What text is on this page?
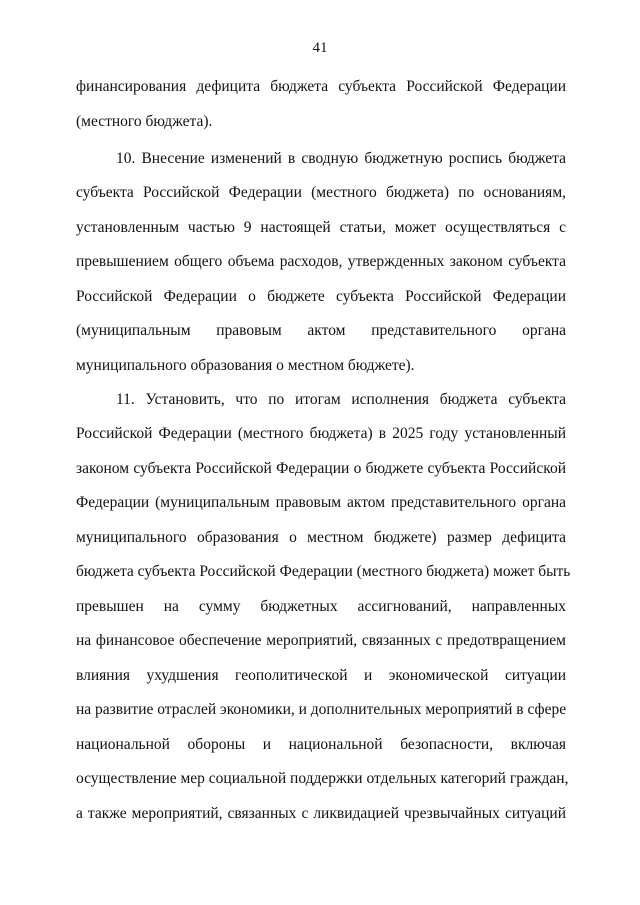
41
финансирования дефицита бюджета субъекта Российской Федерации
(местного бюджета).
10. Внесение изменений в сводную бюджетную роспись бюджета
субъекта Российской Федерации (местного бюджета) по основаниям,
установленным частью 9 настоящей статьи, может осуществляться с
превышением общего объема расходов, утвержденных законом субъекта
Российской Федерации о бюджете субъекта Российской Федерации
(муниципальным правовым актом представительного органа
муниципального образования о местном бюджете).
11. Установить, что по итогам исполнения бюджета субъекта
Российской Федерации (местного бюджета) в 2025 году установленный
законом субъекта Российской Федерации о бюджете субъекта Российской
Федерации (муниципальным правовым актом представительного органа
муниципального образования о местном бюджете) размер дефицита
бюджета субъекта Российской Федерации (местного бюджета) может быть
превышен на сумму бюджетных ассигнований, направленных
на финансовое обеспечение мероприятий, связанных с предотвращением
влияния ухудшения геополитической и экономической ситуации
на развитие отраслей экономики, и дополнительных мероприятий в сфере
национальной обороны и национальной безопасности, включая
осуществление мер социальной поддержки отдельных категорий граждан,
а также мероприятий, связанных с ликвидацией чрезвычайных ситуаций
